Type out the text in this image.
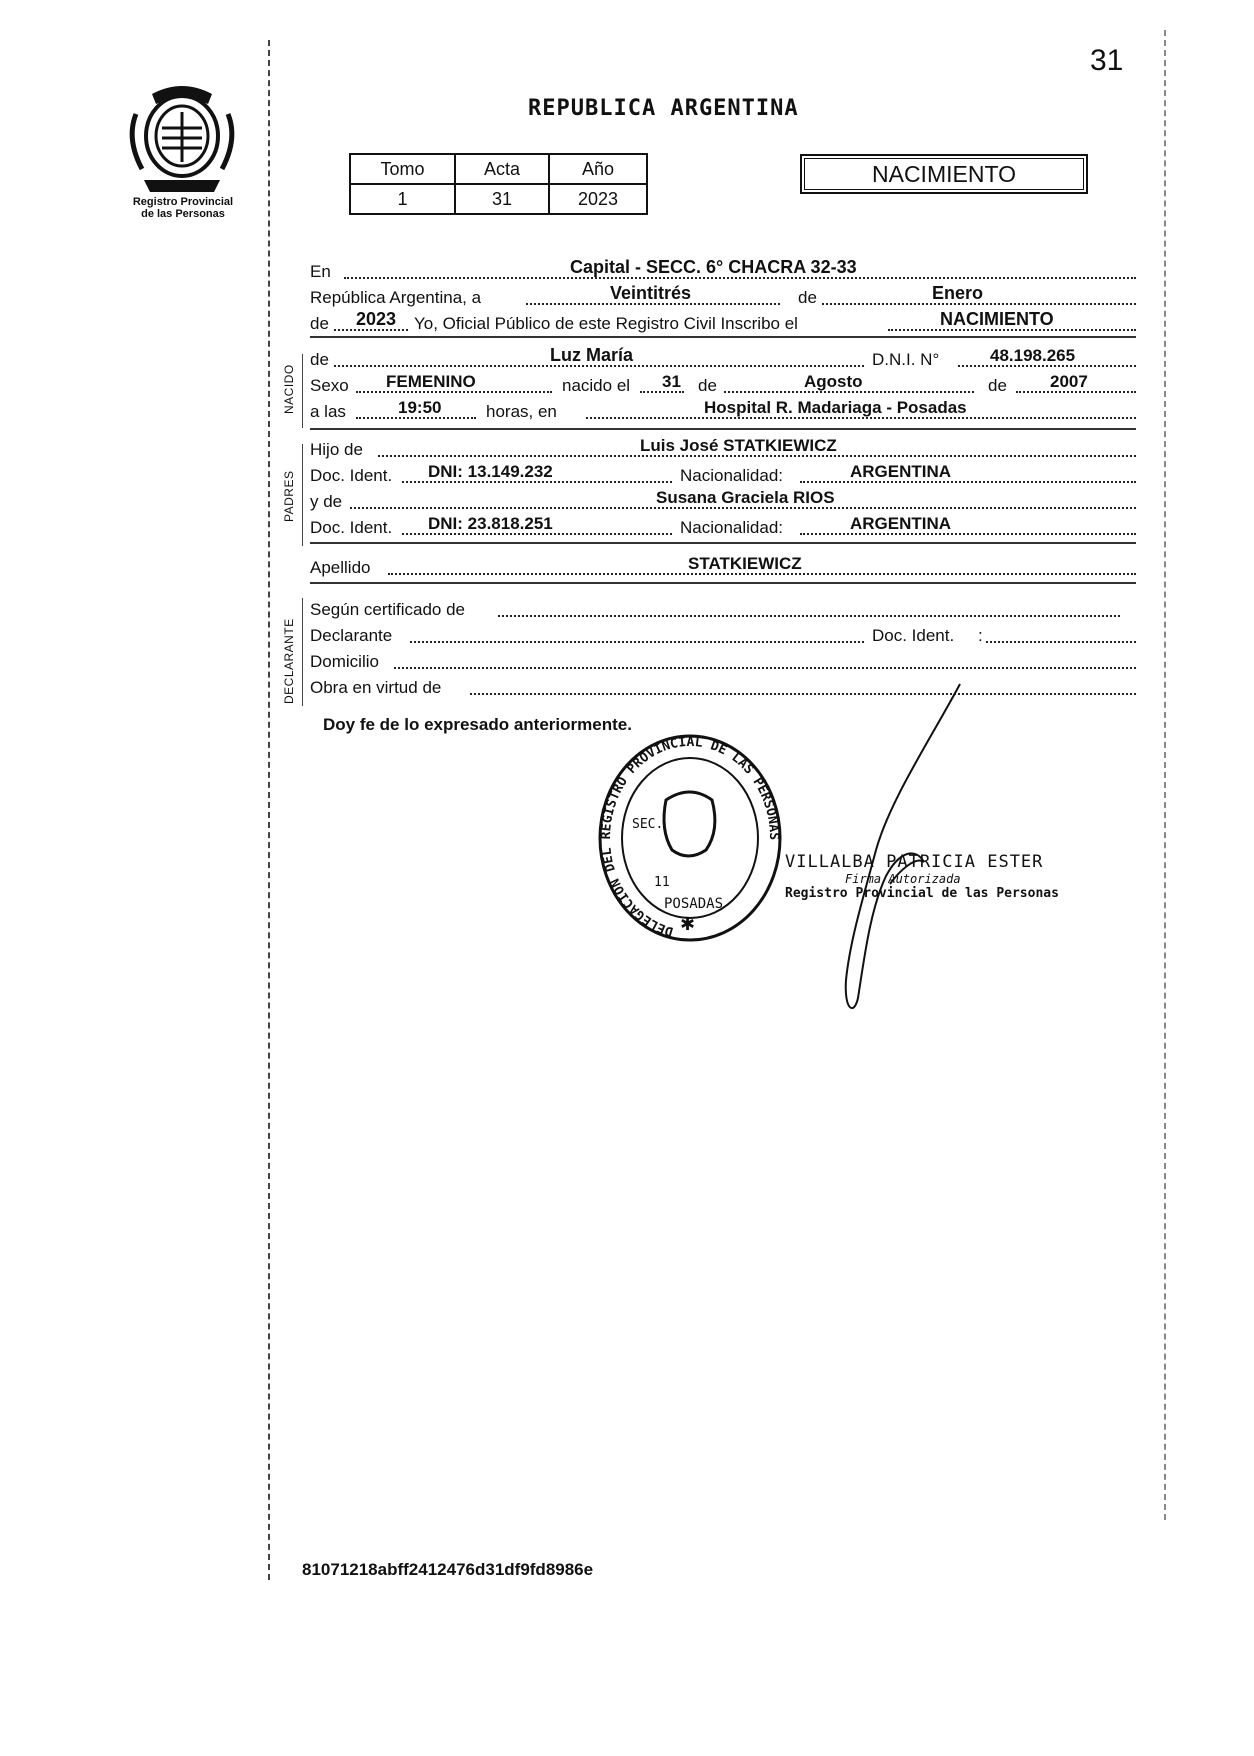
Registro Provincial
de las Personas
31
REPUBLICA ARGENTINA
Tomo	Acta	Año
1	31	2023
NACIMIENTO
NACIDO
PADRES
DECLARANTE
En	Capital - SECC. 6° CHACRA 32-33
República Argentina, a	Veintitrés	de	Enero
de 2023 Yo, Oficial Público de este Registro Civil Inscribo el	NACIMIENTO
de	Luz María	D.N.I. N°	48.198.265
Sexo FEMENINO	nacido el 31 de	Agosto	de	2007
a las	19:50	horas, en	Hospital R. Madariaga - Posadas
Hijo de	Luis José STATKIEWICZ
Doc. Ident. DNI: 13.149.232	Nacionalidad:	ARGENTINA
y de	Susana Graciela RIOS
Doc. Ident. DNI: 23.818.251	Nacionalidad:	ARGENTINA
Apellido	STATKIEWICZ
Según certificado de
Declarante	Doc. Ident. :
Domicilio
Obra en virtud de
Doy fe de lo expresado anteriormente.
DELEGACION DEL REGISTRO PROVINCIAL DE LAS PERSONAS
SEC.
11
POSADAS
✱
VILLALBA PATRICIA ESTER
Firma Autorizada
Registro Provincial de las Personas
81071218abff2412476d31df9fd8986e
